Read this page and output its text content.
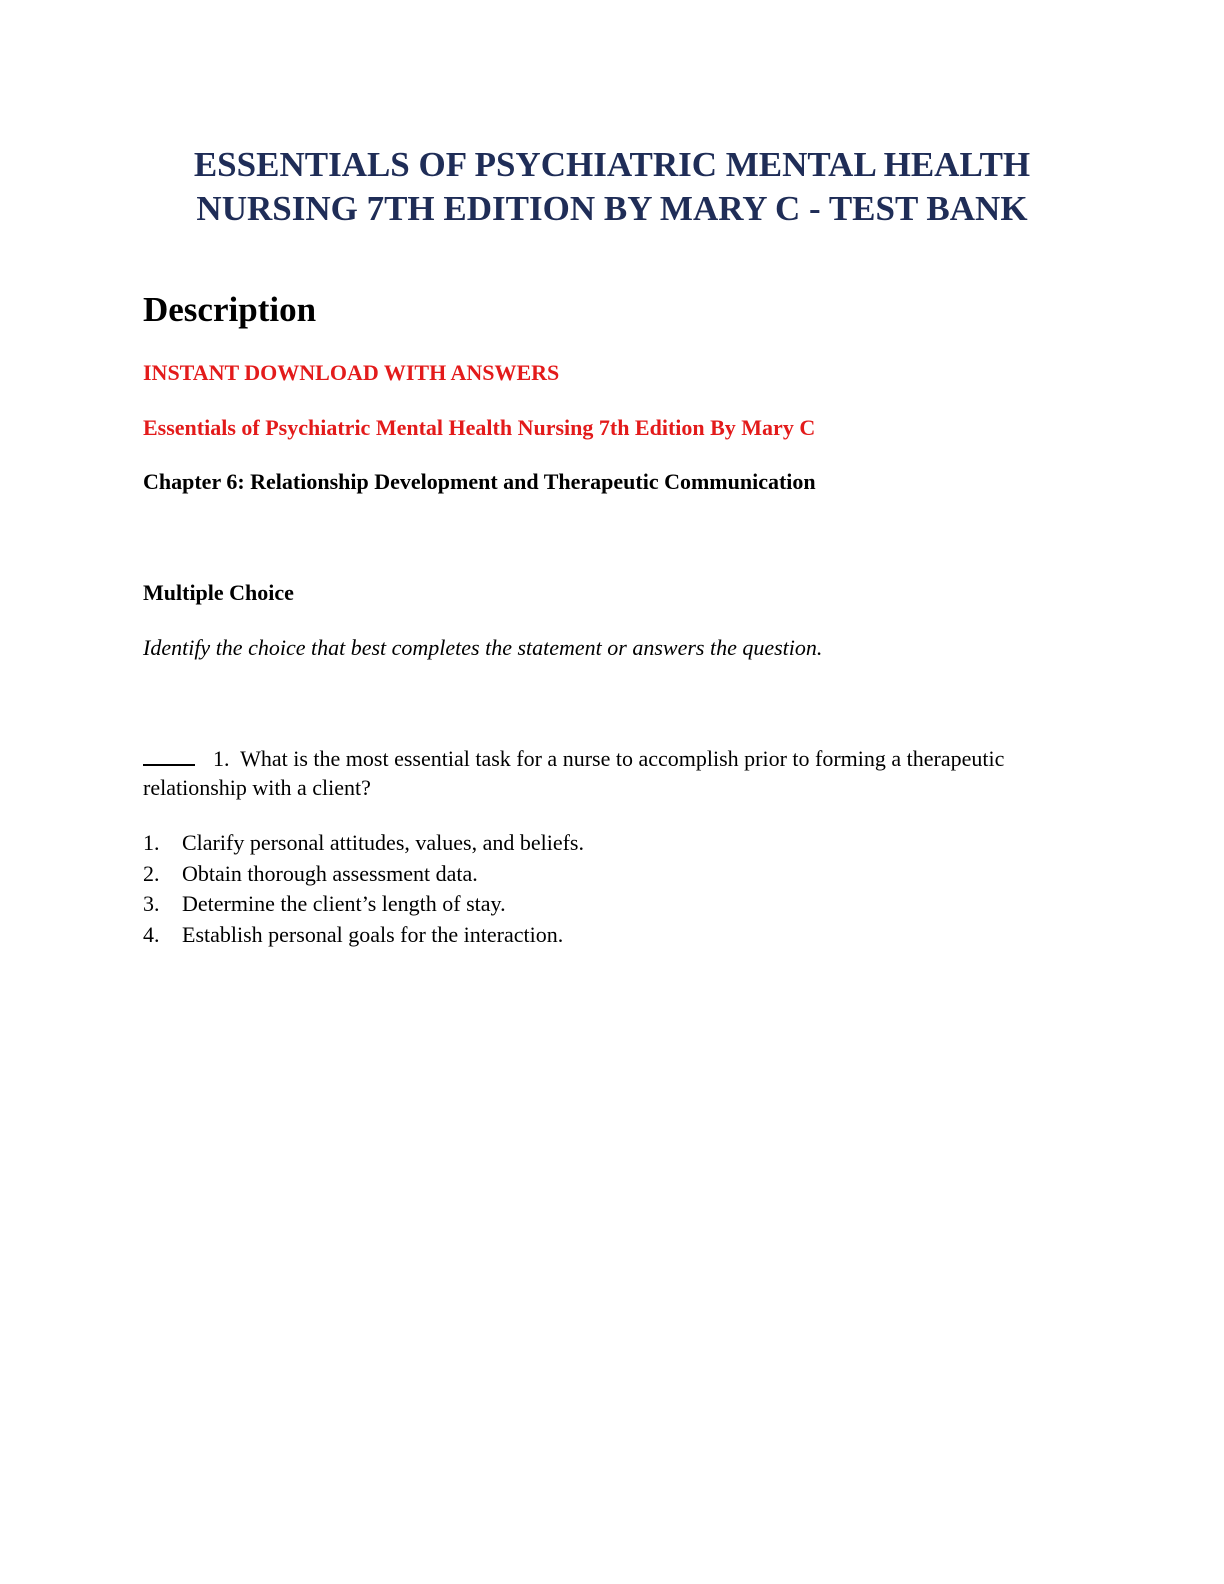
ESSENTIALS OF PSYCHIATRIC MENTAL HEALTH
NURSING 7TH EDITION BY MARY C - TEST BANK
Description

INSTANT DOWNLOAD WITH ANSWERS

Essentials of Psychiatric Mental Health Nursing 7th Edition By Mary C

Chapter 6: Relationship Development and Therapeutic Communication

Multiple Choice

Identify the choice that best completes the statement or answers the question.

1. What is the most essential task for a nurse to accomplish prior to forming a therapeutic relationship with a client?

1.	Clarify personal attitudes, values, and beliefs.
2.	Obtain thorough assessment data.
3.	Determine the client’s length of stay.
4.	Establish personal goals for the interaction.
